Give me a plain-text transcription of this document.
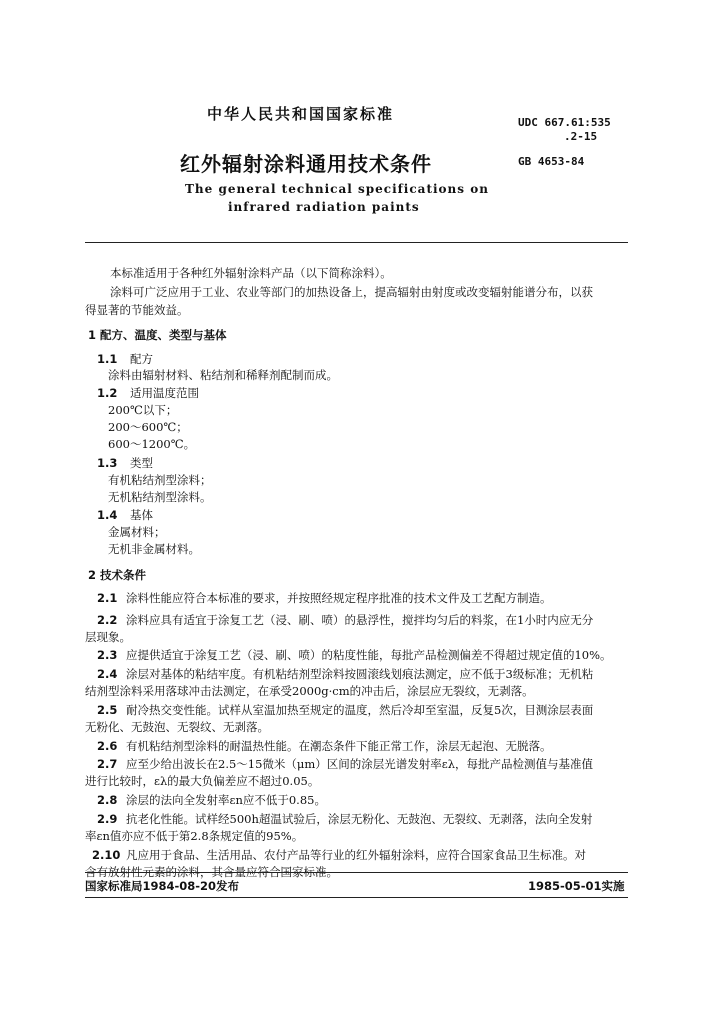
中华人民共和国国家标准	UDC 667.61:535
.2-15
GB 4653-84
红外辐射涂料通用技术条件
The general technical specifications on
infrared radiation paints
本标准适用于各种红外辐射涂料产品（以下简称涂料）。
涂料可广泛应用于工业、农业等部门的加热设备上，提高辐射由射度或改变辐射能谱分布，以获
得显著的节能效益。
1 配方、温度、类型与基体
1.1 配方
涂料由辐射材料、粘结剂和稀释剂配制而成。
1.2 适用温度范围
200℃以下；
200～600℃；
600～1200℃。
1.3 类型
有机粘结剂型涂料；
无机粘结剂型涂料。
1.4 基体
金属材料；
无机非金属材料。
2 技术条件
2.1 涂料性能应符合本标准的要求，并按照经规定程序批准的技术文件及工艺配方制造。
2.2 涂料应具有适宜于涂复工艺（浸、刷、喷）的悬浮性，搅拌均匀后的料浆，在1小时内应无分
层现象。
2.3 应提供适宜于涂复工艺（浸、刷、喷）的粘度性能，每批产品检测偏差不得超过规定值的10%。
2.4 涂层对基体的粘结牢度。有机粘结剂型涂料按圆滚线划痕法测定，应不低于3级标准；无机粘
结剂型涂料采用落球冲击法测定，在承受2000g·cm的冲击后，涂层应无裂纹，无剥落。
2.5 耐冷热交变性能。试样从室温加热至规定的温度，然后冷却至室温，反复5次，目测涂层表面
无粉化、无鼓泡、无裂纹、无剥落。
2.6 有机粘结剂型涂料的耐温热性能。在潮态条件下能正常工作，涂层无起泡、无脱落。
2.7 应至少给出波长在2.5～15微米（μm）区间的涂层光谱发射率ελ，每批产品检测值与基准值
进行比较时，ελ的最大负偏差应不超过0.05。
2.8 涂层的法向全发射率εn应不低于0.85。
2.9 抗老化性能。试样经500h超温试验后，涂层无粉化、无鼓泡、无裂纹、无剥落，法向全发射
率εn值亦应不低于第2.8条规定值的95%。
2.10 凡应用于食品、生活用品、农付产品等行业的红外辐射涂料，应符合国家食品卫生标准。对
含有放射性元素的涂料，其含量应符合国家标准。
国家标准局1984-08-20发布	1985-05-01实施
